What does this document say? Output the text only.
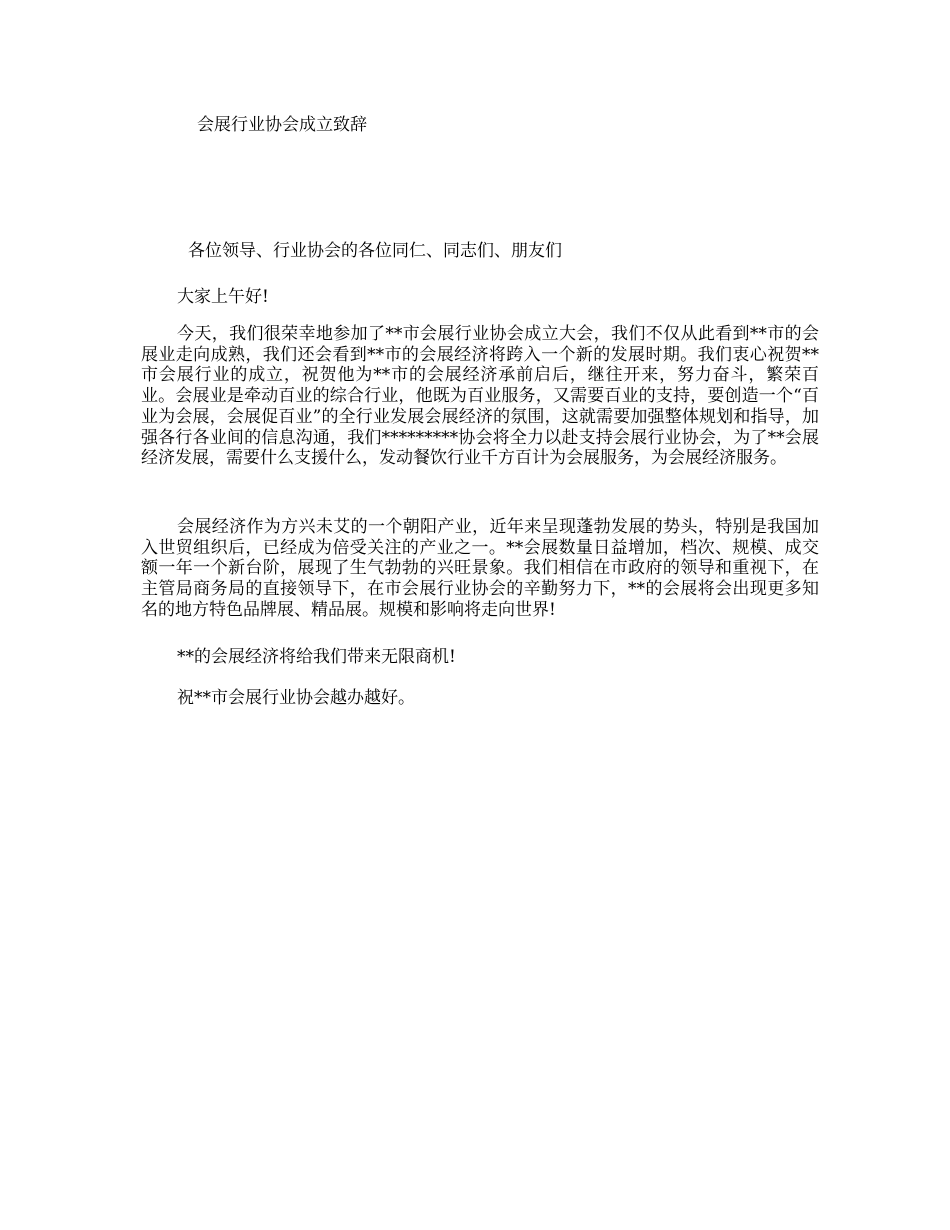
会展行业协会成立致辞
各位领导、行业协会的各位同仁、同志们、朋友们
大家上午好!
今天，我们很荣幸地参加了**市会展行业协会成立大会，我们不仅从此看到**市的会展业走向成熟，我们还会看到**市的会展经济将跨入一个新的发展时期。我们衷心祝贺**市会展行业的成立，祝贺他为**市的会展经济承前启后，继往开来，努力奋斗，繁荣百业。会展业是牵动百业的综合行业，他既为百业服务，又需要百业的支持，要创造一个“百业为会展，会展促百业”的全行业发展会展经济的氛围，这就需要加强整体规划和指导，加强各行各业间的信息沟通，我们*********协会将全力以赴支持会展行业协会，为了**会展经济发展，需要什么支援什么，发动餐饮行业千方百计为会展服务，为会展经济服务。
会展经济作为方兴未艾的一个朝阳产业，近年来呈现蓬勃发展的势头，特别是我国加入世贸组织后，已经成为倍受关注的产业之一。**会展数量日益增加，档次、规模、成交额一年一个新台阶，展现了生气勃勃的兴旺景象。我们相信在市政府的领导和重视下，在主管局商务局的直接领导下，在市会展行业协会的辛勤努力下，**的会展将会出现更多知名的地方特色品牌展、精品展。规模和影响将走向世界!
**的会展经济将给我们带来无限商机!
祝**市会展行业协会越办越好。
